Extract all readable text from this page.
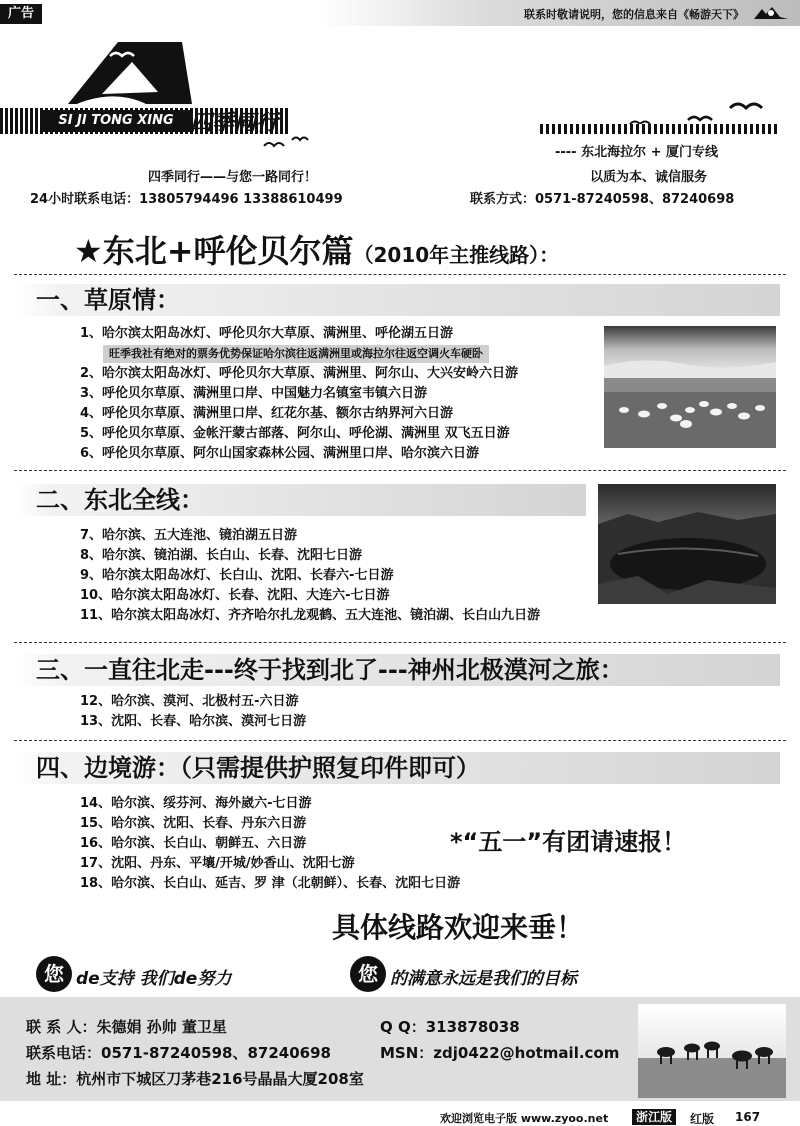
广告	联系时敬请说明，您的信息来自《畅游天下》
SI JI TONG XING 四季同行
---- 东北海拉尔 + 厦门专线
四季同行——与您一路同行！	以质为本、诚信服务
24小时联系电话：13805794496 13388610499	联系方式：0571-87240598、87240698
★东北+呼伦贝尔篇（2010年主推线路）：
一、草原情：
1、哈尔滨太阳岛冰灯、呼伦贝尔大草原、满洲里、呼伦湖五日游
旺季我社有绝对的票务优势保证哈尔滨往返满洲里或海拉尔往返空调火车硬卧
2、哈尔滨太阳岛冰灯、呼伦贝尔大草原、满洲里、阿尔山、大兴安岭六日游
3、呼伦贝尔草原、满洲里口岸、中国魅力名镇室韦镇六日游
4、呼伦贝尔草原、满洲里口岸、红花尔基、额尔古纳界河六日游
5、呼伦贝尔草原、金帐汗蒙古部落、阿尔山、呼伦湖、满洲里 双飞五日游
6、呼伦贝尔草原、阿尔山国家森林公园、满洲里口岸、哈尔滨六日游
二、东北全线：
7、哈尔滨、五大连池、镜泊湖五日游
8、哈尔滨、镜泊湖、长白山、长春、沈阳七日游
9、哈尔滨太阳岛冰灯、长白山、沈阳、长春六-七日游
10、哈尔滨太阳岛冰灯、长春、沈阳、大连六-七日游
11、哈尔滨太阳岛冰灯、齐齐哈尔扎龙观鹤、五大连池、镜泊湖、长白山九日游
三、一直往北走---终于找到北了---神州北极漠河之旅：
12、哈尔滨、漠河、北极村五-六日游
13、沈阳、长春、哈尔滨、漠河七日游
四、边境游：（只需提供护照复印件即可）
14、哈尔滨、绥芬河、海外崴六-七日游
15、哈尔滨、沈阳、长春、丹东六日游
16、哈尔滨、长白山、朝鲜五、六日游
17、沈阳、丹东、平壤/开城/妙香山、沈阳七游
18、哈尔滨、长白山、延吉、罗 津（北朝鲜）、长春、沈阳七日游
*“五一”有团请速报！
具体线路欢迎来垂！
您 de支持 我们de努力	您 的满意永远是我们的目标
联 系 人：朱德娟 孙帅 董卫星	Q Q：313878038
联系电话：0571-87240598、87240698	MSN：zdj0422@hotmail.com
地 址：杭州市下城区刀茅巷216号晶晶大厦208室
欢迎浏览电子版 www.zyoo.net	浙江版	红版 167
